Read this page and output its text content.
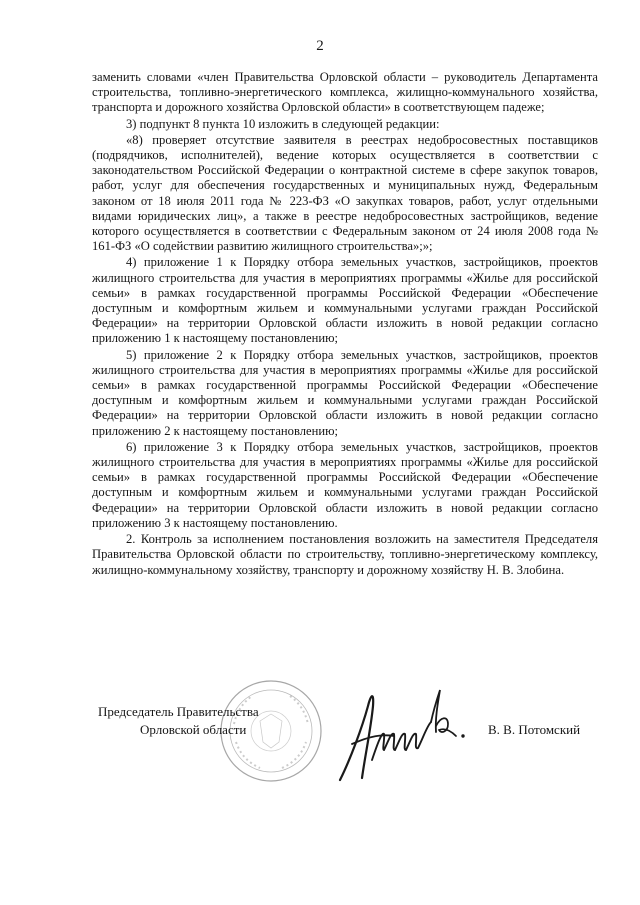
2

заменить словами «член Правительства Орловской области – руководитель Департамента строительства, топливно-энергетического комплекса, жилищно-коммунального хозяйства, транспорта и дорожного хозяйства Орловской области» в соответствующем падеже;

3) подпункт 8 пункта 10 изложить в следующей редакции:

«8) проверяет отсутствие заявителя в реестрах недобросовестных поставщиков (подрядчиков, исполнителей), ведение которых осуществляется в соответствии с законодательством Российской Федерации о контрактной системе в сфере закупок товаров, работ, услуг для обеспечения государственных и муниципальных нужд, Федеральным законом от 18 июля 2011 года № 223-ФЗ «О закупках товаров, работ, услуг отдельными видами юридических лиц», а также в реестре недобросовестных застройщиков, ведение которого осуществляется в соответствии с Федеральным законом от 24 июля 2008 года № 161-ФЗ «О содействии развитию жилищного строительства»;»;

4) приложение 1 к Порядку отбора земельных участков, застройщиков, проектов жилищного строительства для участия в мероприятиях программы «Жилье для российской семьи» в рамках государственной программы Российской Федерации «Обеспечение доступным и комфортным жильем и коммунальными услугами граждан Российской Федерации» на территории Орловской области изложить в новой редакции согласно приложению 1 к настоящему постановлению;

5) приложение 2 к Порядку отбора земельных участков, застройщиков, проектов жилищного строительства для участия в мероприятиях программы «Жилье для российской семьи» в рамках государственной программы Российской Федерации «Обеспечение доступным и комфортным жильем и коммунальными услугами граждан Российской Федерации» на территории Орловской области изложить в новой редакции согласно приложению 2 к настоящему постановлению;

6) приложение 3 к Порядку отбора земельных участков, застройщиков, проектов жилищного строительства для участия в мероприятиях программы «Жилье для российской семьи» в рамках государственной программы Российской Федерации «Обеспечение доступным и комфортным жильем и коммунальными услугами граждан Российской Федерации» на территории Орловской области изложить в новой редакции согласно приложению 3 к настоящему постановлению.

2. Контроль за исполнением постановления возложить на заместителя Председателя Правительства Орловской области по строительству, топливно-энергетическому комплексу, жилищно-коммунальному хозяйству, транспорту и дорожному хозяйству Н. В. Злобина.

Председатель Правительства
Орловской области	В. В. Потомский
